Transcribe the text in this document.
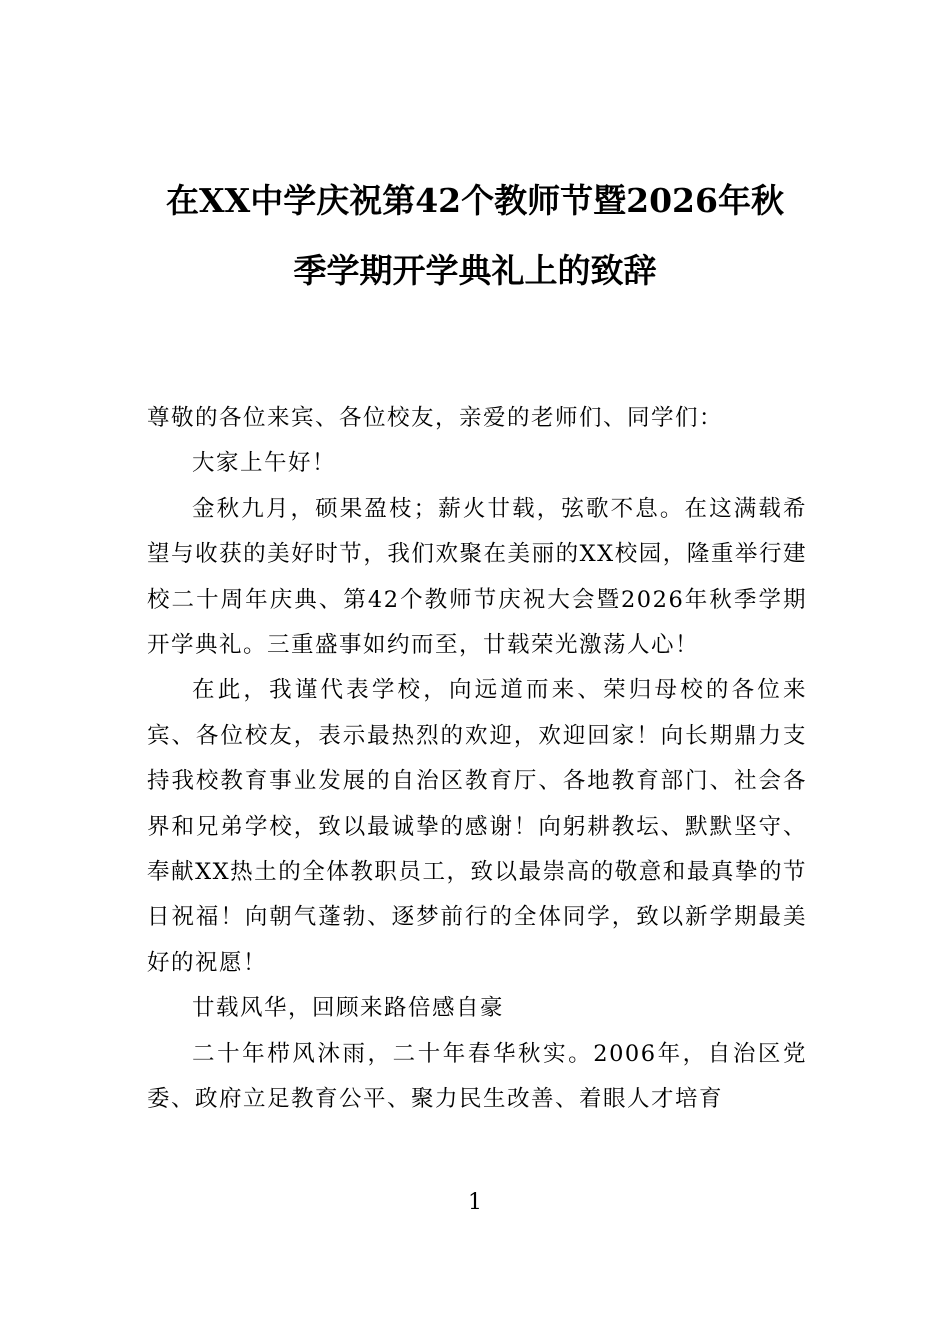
在XX中学庆祝第42个教师节暨2026年秋
季学期开学典礼上的致辞

尊敬的各位来宾、各位校友，亲爱的老师们、同学们：

大家上午好！

金秋九月，硕果盈枝；薪火廿载，弦歌不息。在这满载希望与收获的美好时节，我们欢聚在美丽的XX校园，隆重举行建校二十周年庆典、第42个教师节庆祝大会暨2026年秋季学期开学典礼。三重盛事如约而至，廿载荣光激荡人心！

在此，我谨代表学校，向远道而来、荣归母校的各位来宾、各位校友，表示最热烈的欢迎，欢迎回家！向长期鼎力支持我校教育事业发展的自治区教育厅、各地教育部门、社会各界和兄弟学校，致以最诚挚的感谢！向躬耕教坛、默默坚守、奉献XX热土的全体教职员工，致以最崇高的敬意和最真挚的节日祝福！向朝气蓬勃、逐梦前行的全体同学，致以新学期最美好的祝愿！

廿载风华，回顾来路倍感自豪

二十年栉风沐雨，二十年春华秋实。2006年，自治区党委、政府立足教育公平、聚力民生改善、着眼人才培育

1
